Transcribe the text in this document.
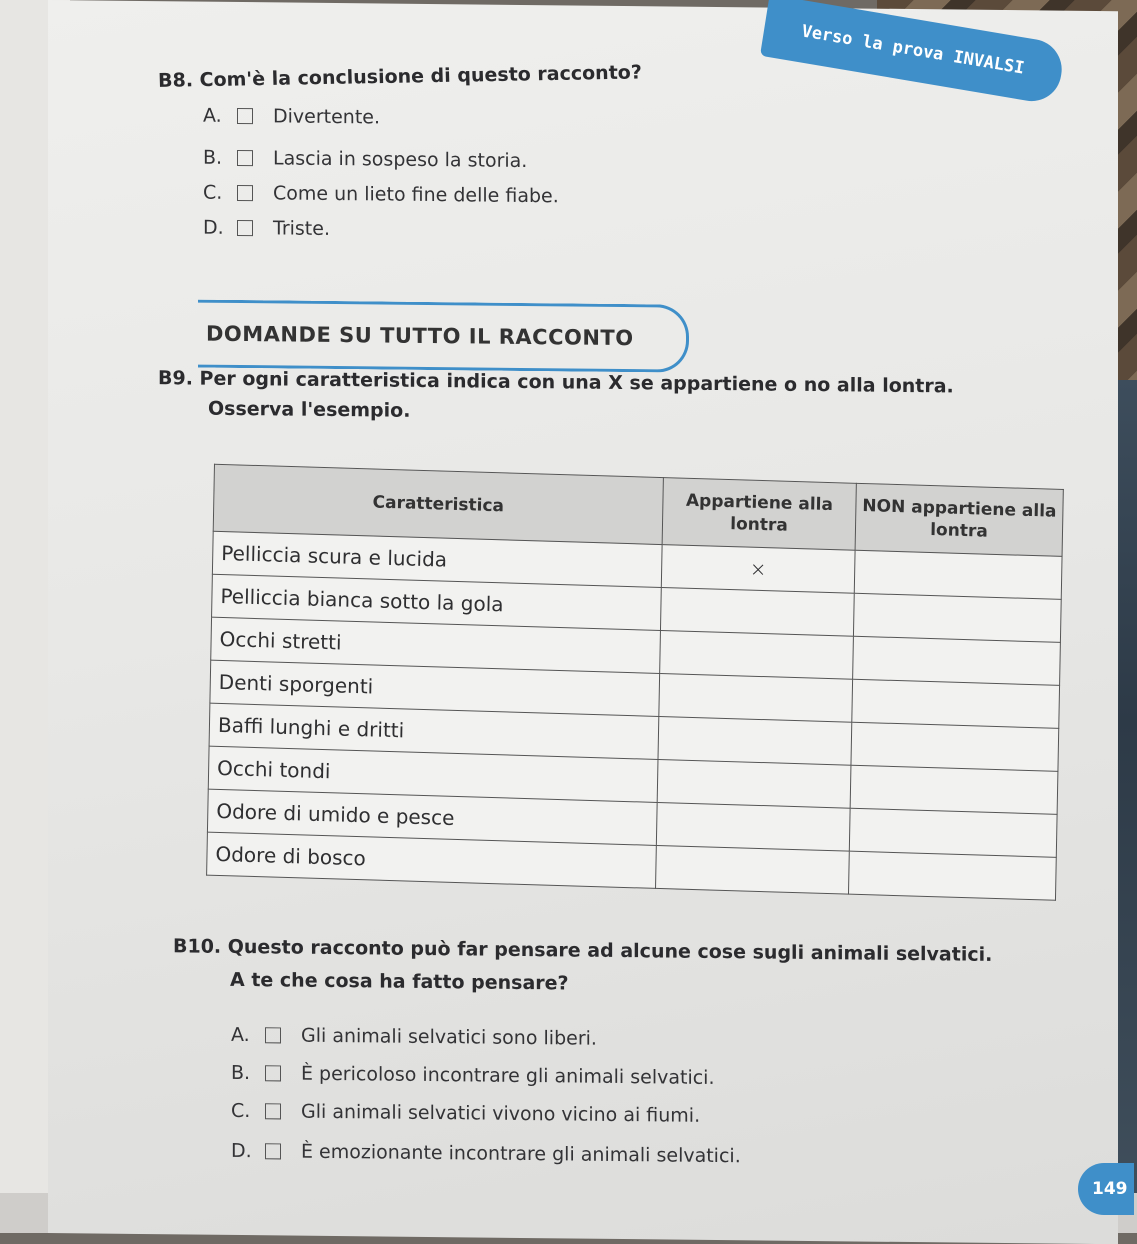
Verso la prova INVALSI
B8. Com'è la conclusione di questo racconto?
A.	Divertente.
B.	Lascia in sospeso la storia.
C.	Come un lieto fine delle fiabe.
D.	Triste.
DOMANDE SU TUTTO IL RACCONTO
B9. Per ogni caratteristica indica con una X se appartiene o no alla lontra.
Osserva l'esempio.
Caratteristica	Appartiene alla lontra	NON appartiene alla lontra
Pelliccia scura e lucida	×	
Pelliccia bianca sotto la gola		
Occhi stretti		
Denti sporgenti		
Baffi lunghi e dritti		
Occhi tondi		
Odore di umido e pesce		
Odore di bosco		
B10. Questo racconto può far pensare ad alcune cose sugli animali selvatici.
A te che cosa ha fatto pensare?
A.	Gli animali selvatici sono liberi.
B.	È pericoloso incontrare gli animali selvatici.
C.	Gli animali selvatici vivono vicino ai fiumi.
D.	È emozionante incontrare gli animali selvatici.
149
